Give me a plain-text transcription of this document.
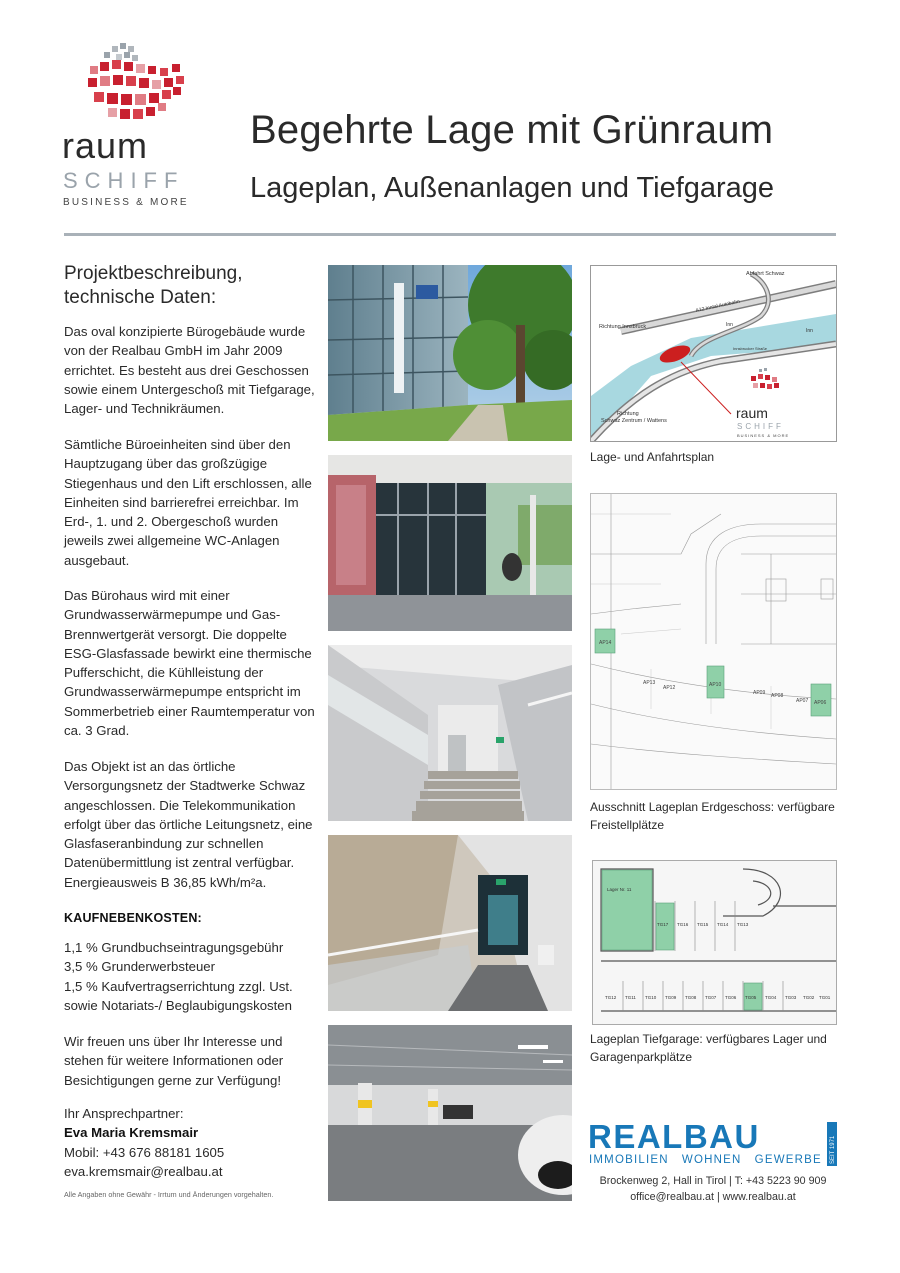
raum
SCHIFF
BUSINESS & MORE
Begehrte Lage mit Grünraum
Lageplan, Außenanlagen und Tiefgarage
Projektbeschreibung, technische Daten:
Das oval konzipierte Bürogebäude wurde von der Realbau GmbH im Jahr 2009 errichtet. Es besteht aus drei Geschossen sowie einem Untergeschoß mit Tiefgarage, Lager- und Technikräumen.
Sämtliche Büroeinheiten sind über den Hauptzugang über das großzügige Stiegenhaus und den Lift erschlossen, alle Einheiten sind barrierefrei erreichbar. Im Erd-, 1. und 2. Obergeschoß wurden jeweils zwei allgemeine WC-Anlagen ausgebaut.
Das Bürohaus wird mit einer Grundwasserwärmepumpe und Gas-Brennwertgerät versorgt. Die doppelte ESG-Glasfassade bewirkt eine thermische Pufferschicht, die Kühlleistung der Grundwasserwärmepumpe entspricht im Sommerbetrieb einer Raumtemperatur von ca. 3 Grad.
Das Objekt ist an das örtliche Versorgungsnetz der Stadtwerke Schwaz angeschlossen. Die Telekommunikation erfolgt über das örtliche Leitungsnetz, eine Glasfaseranbindung zur schnellen Datenübermittlung ist zentral verfügbar. Energieausweis B 36,85 kWh/m²a.
KAUFNEBENKOSTEN:
1,1 % Grundbuchseintragungsgebühr
3,5 % Grunderwerbsteuer
1,5 % Kaufvertragserrichtung zzgl. Ust.
sowie Notariats-/ Beglaubigungskosten
Wir freuen uns über Ihr Interesse und stehen für weitere Informationen oder Besichtigungen gerne zur Verfügung!
Ihr Ansprechpartner:
Eva Maria Kremsmair
Mobil: +43 676 88181 1605
eva.kremsmair@realbau.at
Alle Angaben ohne Gewähr - Irrtum und Änderungen vorgehalten.
Abfahrt Schwaz
A12 Inntal Autobahn
Inn
Inn
Richtung Innsbruck
Innsbrucker Straße
Richtung
Schwaz Zentrum / Wattens	raum
SCHIFF
BUSINESS & MORE
Lage- und Anfahrtsplan
AP14
AP13
AP12	AP10
AP09 AP08
AP07 AP06
Ausschnitt Lageplan Erdgeschoss: verfügbare Freistellplätze
Lager Nr. 11
TG17 TG16 TG15 TG14 TG13
TG12 TG11 TG10 TG09 TG08 TG07 TG06 TG05 TG04 TG03 TG02 TG01
Lageplan Tiefgarage: verfügbares Lager und Garagenparkplätze
REALBAU
IMMOBILIEN   WOHNEN   GEWERBE SEIT 1971
Brockenweg 2, Hall in Tirol | T: +43 5223 90 909
office@realbau.at | www.realbau.at
